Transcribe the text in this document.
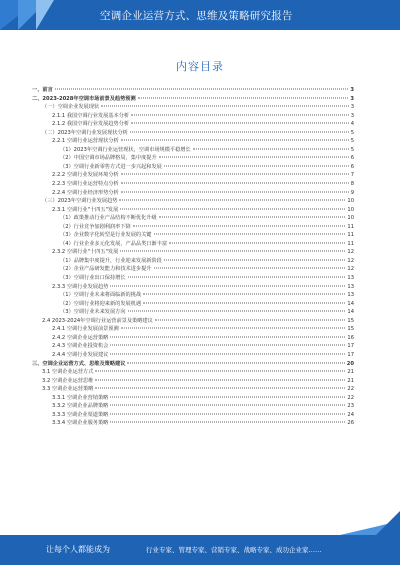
空调企业运营方式、思维及策略研究报告
内容目录
一、前言	3
二、2023-2028年空调市场前景及趋势预测	3
（一）空调企业发展现状	3
2.1.1 我国空调行业发展基本分析	3
2.1.2 我国空调行业发展趋势分析	4
（二）2023年空调行业发展现状分析	5
2.2.1 空调行业运营现状分析	5
（1）2023年空调行业运营现状，空调市场规模平稳增长	5
（2）中国空调市场品牌格局，集中度提升	6
（3）空调行业新零售方式进一步兴起和发展	6
2.2.2 空调行业发展环境分析	7
2.2.3 空调行业运营特点分析	8
2.2.4 空调行业经济形势分析	9
（三）2023年空调行业发展趋势	10
2.3.1 空调行业"十四五"发展	10
（1）政策推动行业产品结构不断优化升级	10
（2）行业竞争加剧利润率下降	11
（3）企业数字化转型是行业发展的关键	11
（4）行业企业多元化发展，产品品类日渐丰富	11
2.3.2 空调行业"十四五"发展	12
（1）品牌集中度提升，行业迎来发展新阶段	12
（2）企业产品研发能力和技术进步提升	12
（3）空调行业出口保持增长	13
2.3.3 空调行业发展趋势	13
（1）空调行业未来将面临新的挑战	13
（2）空调行业将迎来新的发展机遇	14
（3）空调行业未来发展方向	14
2.4 2023-2024年空调行业运营前景及策略建议	15
2.4.1 空调行业发展前景预测	15
2.4.2 空调企业运营策略	16
2.4.3 空调企业投资机会	17
2.4.4 空调行业发展建议	17
三、空调企业运营方式、思维及策略建议	20
3.1 空调企业运营方式	21
3.2 空调企业运营思维	21
3.3 空调企业运营策略	22
3.3.1 空调企业营销策略	22
3.3.2 空调企业品牌策略	23
3.3.3 空调企业渠道策略	24
3.3.4 空调企业服务策略	26
让每个人都能成为	行业专家、管理专家、营销专家、战略专家、成功企业家……
